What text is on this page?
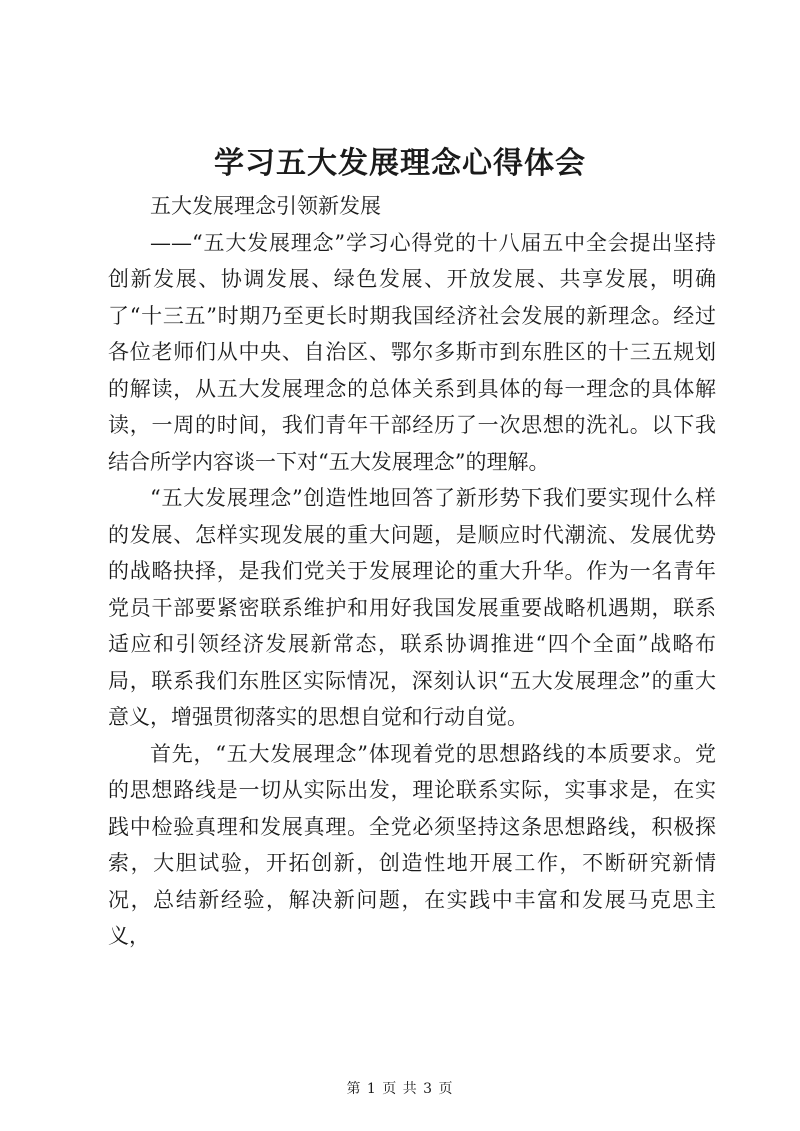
学习五大发展理念心得体会

五大发展理念引领新发展

——“五大发展理念”学习心得党的十八届五中全会提出坚持创新发展、协调发展、绿色发展、开放发展、共享发展，明确了“十三五”时期乃至更长时期我国经济社会发展的新理念。经过各位老师们从中央、自治区、鄂尔多斯市到东胜区的十三五规划的解读，从五大发展理念的总体关系到具体的每一理念的具体解读，一周的时间，我们青年干部经历了一次思想的洗礼。以下我结合所学内容谈一下对“五大发展理念”的理解。

“五大发展理念”创造性地回答了新形势下我们要实现什么样的发展、怎样实现发展的重大问题，是顺应时代潮流、发展优势的战略抉择，是我们党关于发展理论的重大升华。作为一名青年党员干部要紧密联系维护和用好我国发展重要战略机遇期，联系适应和引领经济发展新常态，联系协调推进“四个全面”战略布局，联系我们东胜区实际情况，深刻认识“五大发展理念”的重大意义，增强贯彻落实的思想自觉和行动自觉。

首先，“五大发展理念”体现着党的思想路线的本质要求。党的思想路线是一切从实际出发，理论联系实际，实事求是，在实践中检验真理和发展真理。全党必须坚持这条思想路线，积极探索，大胆试验，开拓创新，创造性地开展工作，不断研究新情况，总结新经验，解决新问题，在实践中丰富和发展马克思主义，

第 1 页 共 3 页
